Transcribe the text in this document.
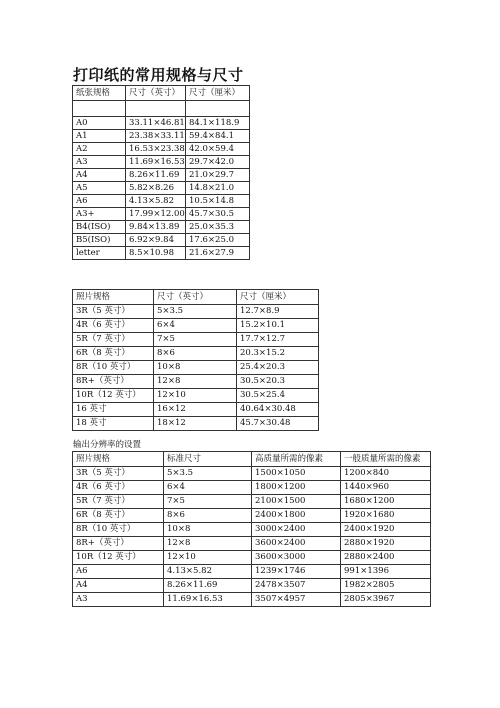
打印纸的常用规格与尺寸
纸张规格	尺寸（英寸）	尺寸（厘米）

A0	33.11×46.81	84.1×118.9
A1	23.38×33.11	59.4×84.1
A2	16.53×23.38	42.0×59.4
A3	11.69×16.53	29.7×42.0
A4	8.26×11.69	21.0×29.7
A5	5.82×8.26	14.8×21.0
A6	4.13×5.82	10.5×14.8
A3+	17.99×12.00	45.7×30.5
B4(ISO)	9.84×13.89	25.0×35.3
B5(ISO)	6.92×9.84	17.6×25.0
letter	8.5×10.98	21.6×27.9
照片规格	尺寸（英寸）	尺寸（厘米）
3R（5 英寸）	5×3.5	12.7×8.9
4R（6 英寸）	6×4	15.2×10.1
5R（7 英寸）	7×5	17.7×12.7
6R（8 英寸）	8×6	20.3×15.2
8R（10 英寸）	10×8	25.4×20.3
8R+（英寸）	12×8	30.5×20.3
10R（12 英寸）	12×10	30.5×25.4
16 英寸	16×12	40.64×30.48
18 英寸	18×12	45.7×30.48
输出分辨率的设置
照片规格	标准尺寸	高质量所需的像素	一般质量所需的像素
3R（5 英寸）	5×3.5	1500×1050	1200×840
4R（6 英寸）	6×4	1800×1200	1440×960
5R（7 英寸）	7×5	2100×1500	1680×1200
6R（8 英寸）	8×6	2400×1800	1920×1680
8R（10 英寸）	10×8	3000×2400	2400×1920
8R+（英寸）	12×8	3600×2400	2880×1920
10R（12 英寸）	12×10	3600×3000	2880×2400
A6	4.13×5.82	1239×1746	991×1396
A4	8.26×11.69	2478×3507	1982×2805
A3	11.69×16.53	3507×4957	2805×3967
